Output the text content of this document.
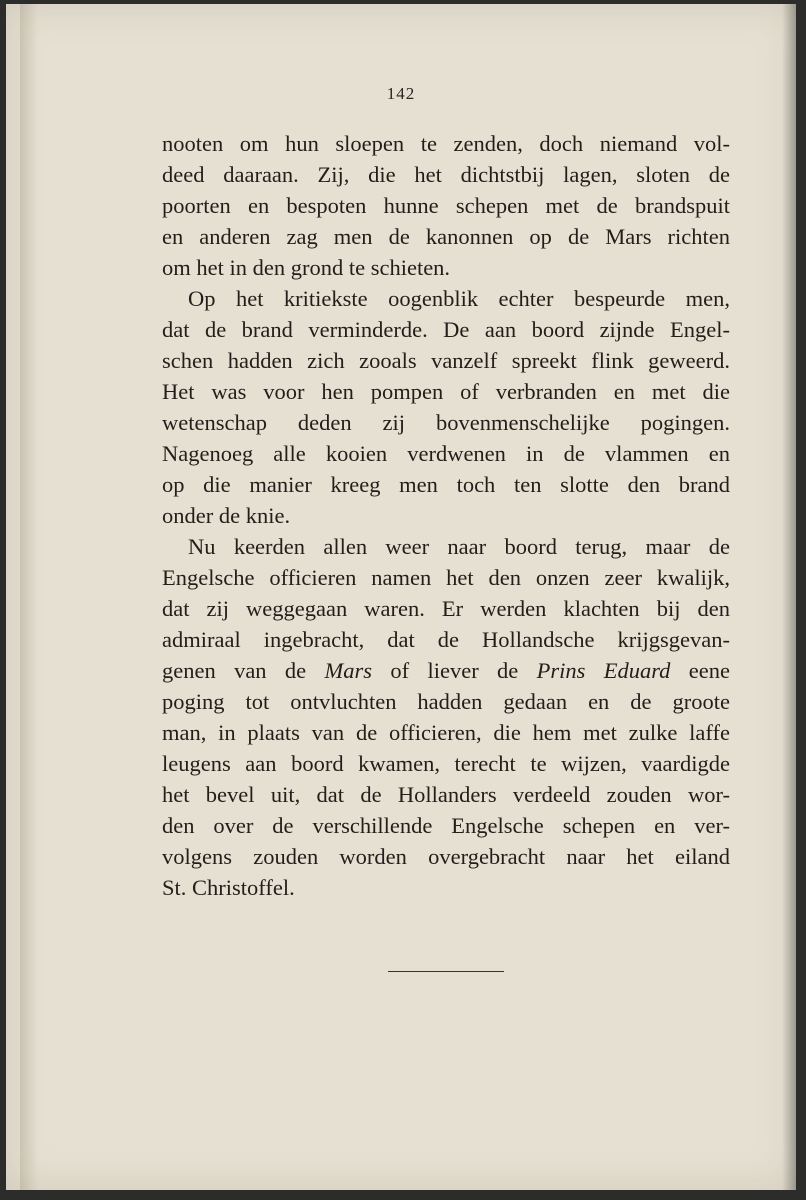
142
nooten om hun sloepen te zenden, doch niemand vol-
deed daaraan. Zij, die het dichtstbij lagen, sloten de
poorten en bespoten hunne schepen met de brandspuit
en anderen zag men de kanonnen op de Mars richten
om het in den grond te schieten.
Op het kritiekste oogenblik echter bespeurde men,
dat de brand verminderde. De aan boord zijnde Engel-
schen hadden zich zooals vanzelf spreekt flink geweerd.
Het was voor hen pompen of verbranden en met die
wetenschap deden zij bovenmenschelijke pogingen.
Nagenoeg alle kooien verdwenen in de vlammen en
op die manier kreeg men toch ten slotte den brand
onder de knie.
Nu keerden allen weer naar boord terug, maar de
Engelsche officieren namen het den onzen zeer kwalijk,
dat zij weggegaan waren. Er werden klachten bij den
admiraal ingebracht, dat de Hollandsche krijgsgevan-
genen van de Mars of liever de Prins Eduard eene
poging tot ontvluchten hadden gedaan en de groote
man, in plaats van de officieren, die hem met zulke laffe
leugens aan boord kwamen, terecht te wijzen, vaardigde
het bevel uit, dat de Hollanders verdeeld zouden wor-
den over de verschillende Engelsche schepen en ver-
volgens zouden worden overgebracht naar het eiland
St. Christoffel.
